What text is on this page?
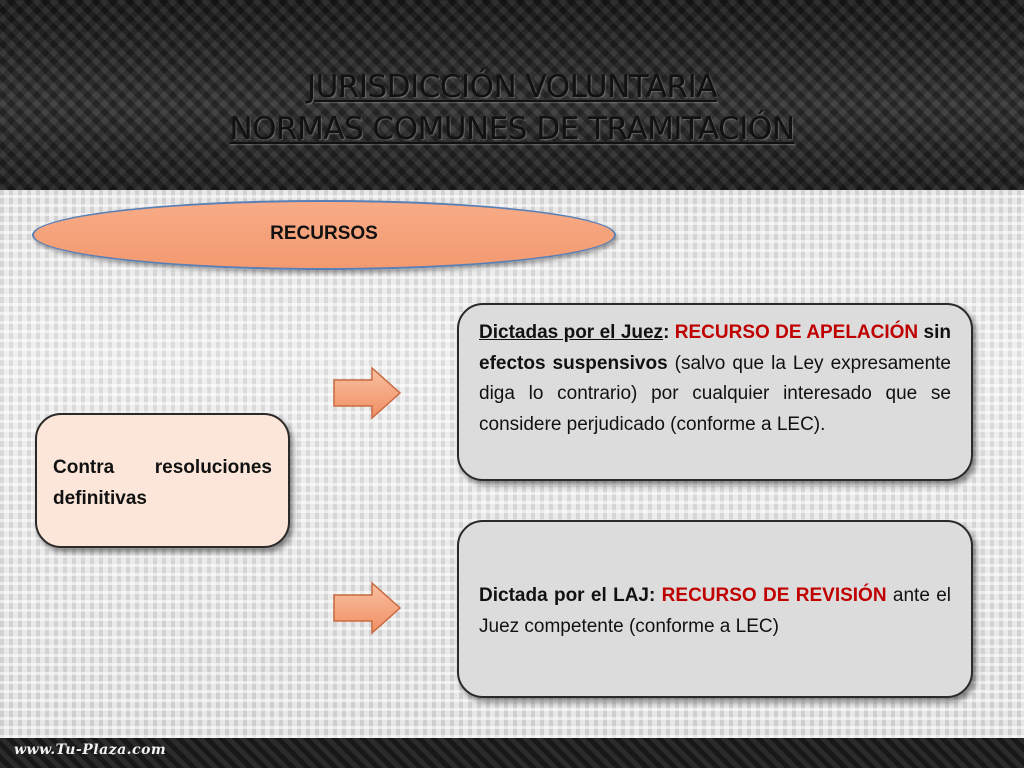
JURISDICCIÓN VOLUNTARIA
NORMAS COMUNES DE TRAMITACIÓN
RECURSOS
Contra resoluciones definitivas
Dictadas por el Juez: RECURSO DE APELACIÓN sin efectos suspensivos (salvo que la Ley expresamente diga lo contrario) por cualquier interesado que se considere perjudicado (conforme a LEC).
Dictada por el LAJ: RECURSO DE REVISIÓN ante el Juez competente (conforme a LEC)
www.Tu-Plaza.com
